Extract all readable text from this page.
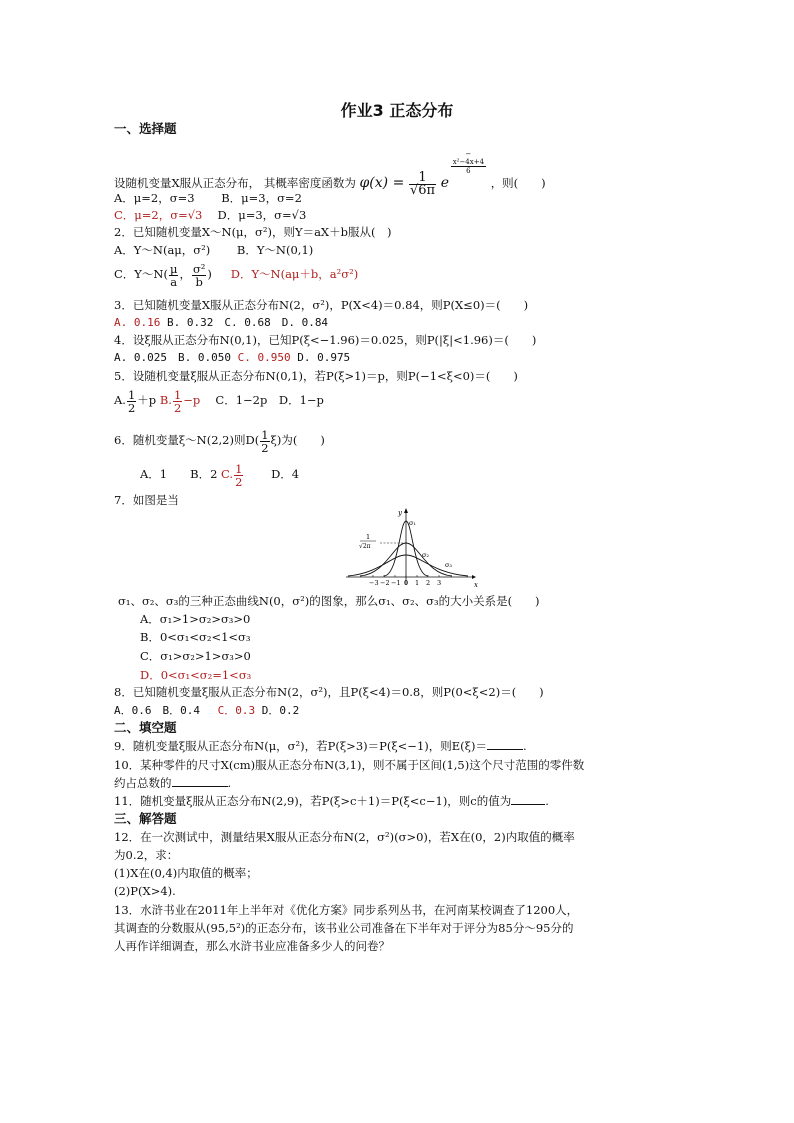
作业3 正态分布
一、选择题
设随机变量X服从正态分布， 其概率密度函数为 $\varphi(x) = \frac{1}{√6\pi}$ e
−
x²−4x+4
6
，则(　　)
A．μ=2，σ=3　　 B．μ=3，σ=2
C．μ=2，σ=√3　 D．μ=3，σ=√3
2．已知随机变量X～N(μ，σ²)，则Y＝aX＋b服从(　)
A．Y～N(aμ，σ²)　　 B．Y～N(0,1)
C．Y～N( $\frac{\mu}{a}$ ， $\frac{\text{σ²}}{b}$ ) 　 D．Y～N(aμ＋b，a²σ²)
3．已知随机变量X服从正态分布N(2，σ²)，P(X<4)＝0.84，则P(X≤0)＝(　　)
A. 0.16 B. 0.32　C. 0.68　D. 0.84
4．设ξ服从正态分布N(0,1)，已知P(ξ<−1.96)＝0.025，则P(|ξ|<1.96)＝(　　)
A. 0.025　B. 0.050 C. 0.950 D. 0.975
5．设随机变量ξ服从正态分布N(0,1)，若P(ξ>1)＝p，则P(−1<ξ<0)＝(　　)
A. $\frac{1}{2} +p$ B. $\frac{1}{2} -p$　 C．1−2p　D．1−p
6．随机变量ξ～N(2,2)则$D( \frac{1}{2} \xi)$为(　　)
A．1　　B．2 C. $\frac{1}{2}$
　　 D．4
7．如图是当
y
x
σ₁
σ₂
σ₃
1
√2π
−3 −2 −1 0 1 2 3
σ₁、σ₂、σ₃的三种正态曲线N(0，σ²)的图象，那么σ₁、σ₂、σ₃的大小关系是(　　)
A．σ₁>1>σ₂>σ₃>0
B．0<σ₁<σ₂<1<σ₃
C．σ₁>σ₂>1>σ₃>0
D．0<σ₁<σ₂=1<σ₃
8．已知随机变量ξ服从正态分布N(2，σ²)，且P(ξ<4)＝0.8，则P(0<ξ<2)＝(　　)
A．0.6　B．0.4　 C．0.3 D．0.2
二、填空题
9．随机变量ξ服从正态分布N(μ，σ²)，若P(ξ>3)＝P(ξ<−1)，则E(ξ)＝	.
10．某种零件的尺寸X(cm)服从正态分布N(3,1)，则不属于区间(1,5)这个尺寸范围的零件数
约占总数的	.
11．随机变量ξ服从正态分布N(2,9)，若P(ξ>c＋1)＝P(ξ<c−1)，则c的值为	.
三、解答题
12．在一次测试中，测量结果X服从正态分布N(2，σ²)(σ>0)，若X在(0，2)内取值的概率
为0.2，求：
(1)X在(0,4)内取值的概率；
(2)P(X>4).
13．水浒书业在2011年上半年对《优化方案》同步系列丛书，在河南某校调查了1200人，
其调查的分数服从(95,5²)的正态分布，该书业公司准备在下半年对于评分为85分～95分的
人再作详细调查，那么水浒书业应准备多少人的问卷？
